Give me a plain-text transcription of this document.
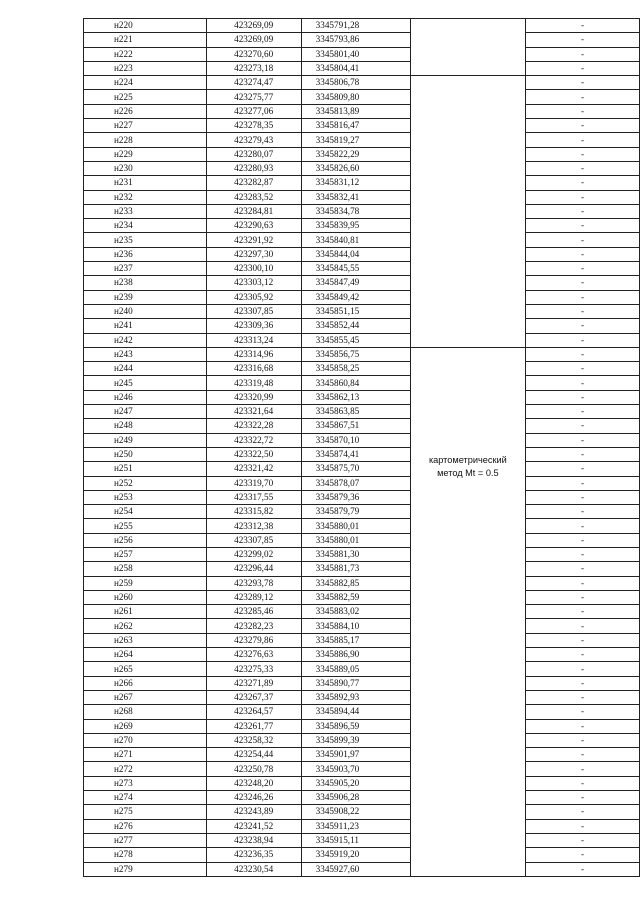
н220	423269,09	3345791,28		-
н221	423269,09	3345793,86		-
н222	423270,60	3345801,40		-
н223	423273,18	3345804,41		-
н224	423274,47	3345806,78		-
н225	423275,77	3345809,80		-
н226	423277,06	3345813,89		-
н227	423278,35	3345816,47		-
н228	423279,43	3345819,27		-
н229	423280,07	3345822,29		-
н230	423280,93	3345826,60		-
н231	423282,87	3345831,12		-
н232	423283,52	3345832,41		-
н233	423284,81	3345834,78		-
н234	423290,63	3345839,95		-
н235	423291,92	3345840,81		-
н236	423297,30	3345844,04		-
н237	423300,10	3345845,55		-
н238	423303,12	3345847,49		-
н239	423305,92	3345849,42		-
н240	423307,85	3345851,15		-
н241	423309,36	3345852,44		-
н242	423313,24	3345855,45		-
н243	423314,96	3345856,75	картометрический
метод Mt = 0.5	-
н244	423316,68	3345858,25		-
н245	423319,48	3345860,84		-
н246	423320,99	3345862,13		-
н247	423321,64	3345863,85		-
н248	423322,28	3345867,51		-
н249	423322,72	3345870,10		-
н250	423322,50	3345874,41		-
н251	423321,42	3345875,70		-
н252	423319,70	3345878,07		-
н253	423317,55	3345879,36		-
н254	423315,82	3345879,79		-
н255	423312,38	3345880,01		-
н256	423307,85	3345880,01		-
н257	423299,02	3345881,30		-
н258	423296,44	3345881,73		-
н259	423293,78	3345882,85		-
н260	423289,12	3345882,59		-
н261	423285,46	3345883,02		-
н262	423282,23	3345884,10		-
н263	423279,86	3345885,17		-
н264	423276,63	3345886,90		-
н265	423275,33	3345889,05		-
н266	423271,89	3345890,77		-
н267	423267,37	3345892,93		-
н268	423264,57	3345894,44		-
н269	423261,77	3345896,59		-
н270	423258,32	3345899,39		-
н271	423254,44	3345901,97		-
н272	423250,78	3345903,70		-
н273	423248,20	3345905,20		-
н274	423246,26	3345906,28		-
н275	423243,89	3345908,22		-
н276	423241,52	3345911,23		-
н277	423238,94	3345915,11		-
н278	423236,35	3345919,20		-
н279	423230,54	3345927,60		-
